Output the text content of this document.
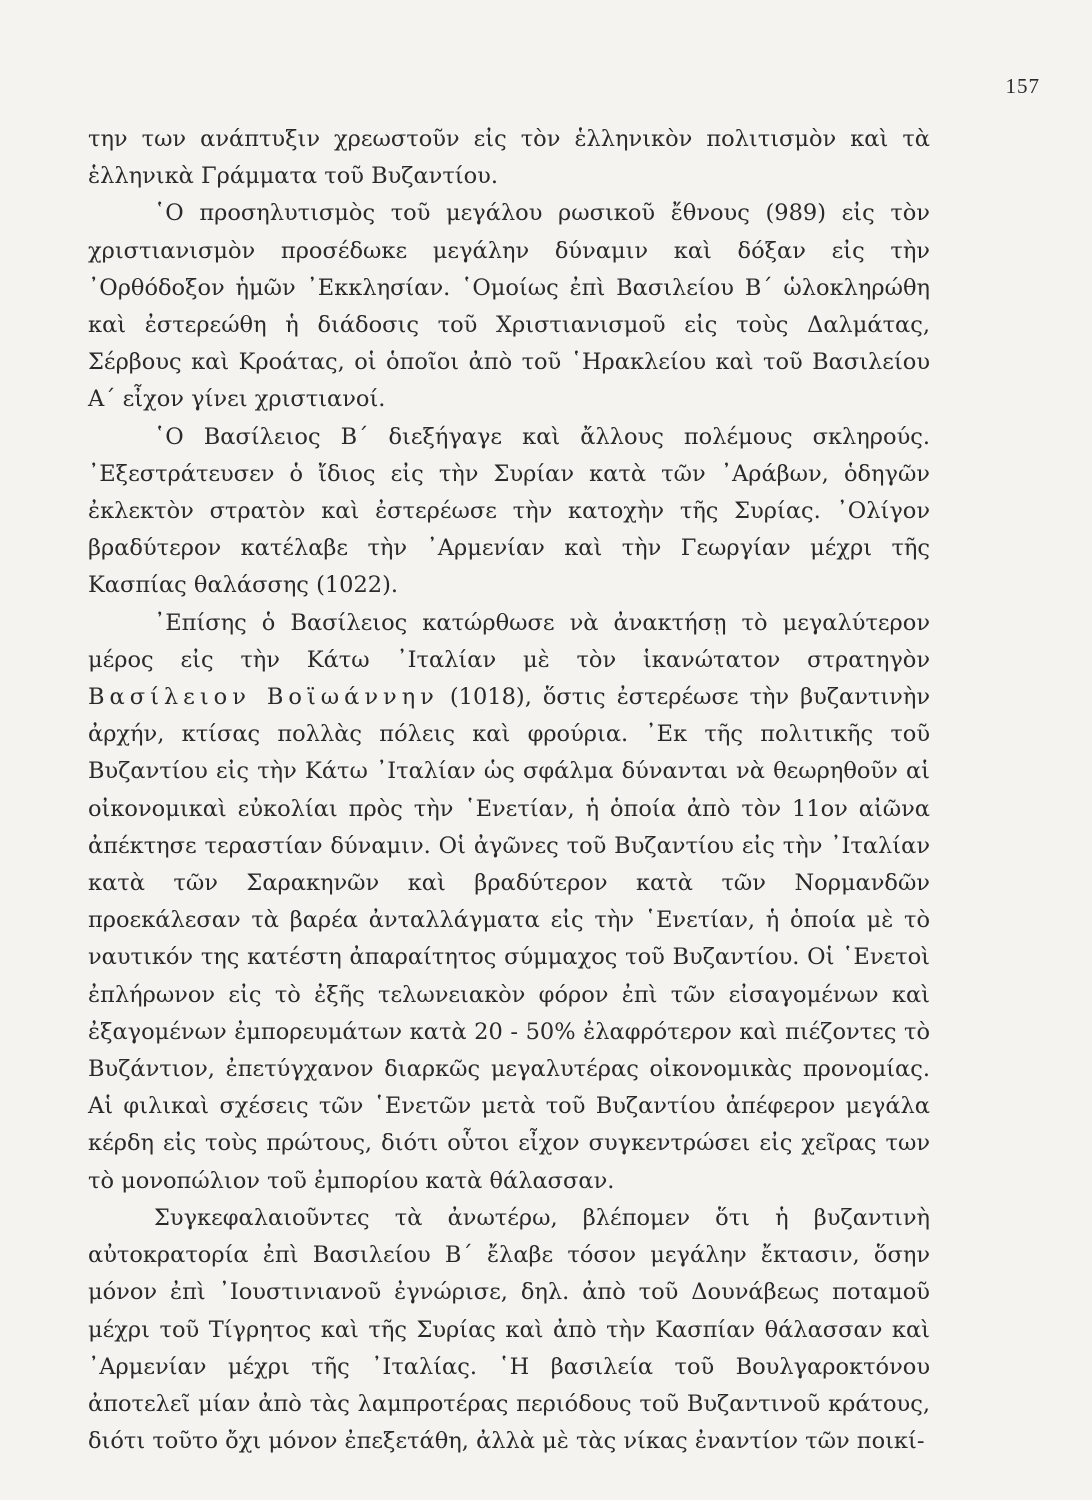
157

την των ανάπτυξιν χρεωστοῦν εἰς τὸν ἑλληνικὸν πολιτισμὸν καὶ τὰ ἑλληνικὰ Γράμματα τοῦ Βυζαντίου.

῾Ο προσηλυτισμὸς τοῦ μεγάλου ρωσικοῦ ἔθνους (989) εἰς τὸν χριστιανισμὸν προσέδωκε μεγάλην δύναμιν καὶ δόξαν εἰς τὴν ᾿Ορθόδοξον ἡμῶν ᾿Εκκλησίαν. ῾Ομοίως ἐπὶ Βασιλείου Β΄ ὡλοκληρώθη καὶ ἐστερεώθη ἡ διάδοσις τοῦ Χριστιανισμοῦ εἰς τοὺς Δαλμάτας, Σέρβους καὶ Κροάτας, οἱ ὁποῖοι ἀπὸ τοῦ ῾Ηρακλείου καὶ τοῦ Βασιλείου Α΄ εἶχον γίνει χριστιανοί.

῾Ο Βασίλειος Β΄ διεξήγαγε καὶ ἄλλους πολέμους σκληρούς. ᾿Εξεστράτευσεν ὁ ἴδιος εἰς τὴν Συρίαν κατὰ τῶν ᾿Αράβων, ὁδηγῶν ἐκλεκτὸν στρατὸν καὶ ἐστερέωσε τὴν κατοχὴν τῆς Συρίας. ᾿Ολίγον βραδύτερον κατέλαβε τὴν ᾿Αρμενίαν καὶ τὴν Γεωργίαν μέχρι τῆς Κασπίας θαλάσσης (1022).

᾿Επίσης ὁ Βασίλειος κατώρθωσε νὰ ἀνακτήσῃ τὸ μεγαλύτερον μέρος εἰς τὴν Κάτω ᾿Ιταλίαν μὲ τὸν ἱκανώτατον στρατηγὸν Βασίλειον Βοϊωάννην (1018), ὅστις ἐστερέωσε τὴν βυζαντινὴν ἀρχήν, κτίσας πολλὰς πόλεις καὶ φρούρια. ᾿Εκ τῆς πολιτικῆς τοῦ Βυζαντίου εἰς τὴν Κάτω ᾿Ιταλίαν ὡς σφάλμα δύνανται νὰ θεωρηθοῦν αἱ οἰκονομικαὶ εὐκολίαι πρὸς τὴν ῾Ενετίαν, ἡ ὁποία ἀπὸ τὸν 11ον αἰῶνα ἀπέκτησε τεραστίαν δύναμιν. Οἱ ἀγῶνες τοῦ Βυζαντίου εἰς τὴν ᾿Ιταλίαν κατὰ τῶν Σαρακηνῶν καὶ βραδύτερον κατὰ τῶν Νορμανδῶν προεκάλεσαν τὰ βαρέα ἀνταλλάγματα εἰς τὴν ῾Ενετίαν, ἡ ὁποία μὲ τὸ ναυτικόν της κατέστη ἀπαραίτητος σύμμαχος τοῦ Βυζαντίου. Οἱ ῾Ενετοὶ ἐπλήρωνον εἰς τὸ ἐξῆς τελωνειακὸν φόρον ἐπὶ τῶν εἰσαγομένων καὶ ἐξαγομένων ἐμπορευμάτων κατὰ 20 - 50% ἐλαφρότερον καὶ πιέζοντες τὸ Βυζάντιον, ἐπετύγχανον διαρκῶς μεγαλυτέρας οἰκονομικὰς προνομίας. Αἱ φιλικαὶ σχέσεις τῶν ῾Ενετῶν μετὰ τοῦ Βυζαντίου ἀπέφερον μεγάλα κέρδη εἰς τοὺς πρώτους, διότι οὗτοι εἶχον συγκεντρώσει εἰς χεῖρας των τὸ μονοπώλιον τοῦ ἐμπορίου κατὰ θάλασσαν.

Συγκεφαλαιοῦντες τὰ ἀνωτέρω, βλέπομεν ὅτι ἡ βυζαντινὴ αὐτοκρατορία ἐπὶ Βασιλείου Β΄ ἔλαβε τόσον μεγάλην ἔκτασιν, ὅσην μόνον ἐπὶ ᾿Ιουστινιανοῦ ἐγνώρισε, δηλ. ἀπὸ τοῦ Δουνάβεως ποταμοῦ μέχρι τοῦ Τίγρητος καὶ τῆς Συρίας καὶ ἀπὸ τὴν Κασπίαν θάλασσαν καὶ ᾿Αρμενίαν μέχρι τῆς ᾿Ιταλίας. ῾Η βασιλεία τοῦ Βουλγαροκτόνου ἀποτελεῖ μίαν ἀπὸ τὰς λαμπροτέρας περιόδους τοῦ Βυζαντινοῦ κράτους, διότι τοῦτο ὄχι μόνον ἐπεξετάθη, ἀλλὰ μὲ τὰς νίκας ἐναντίον τῶν ποικί-
